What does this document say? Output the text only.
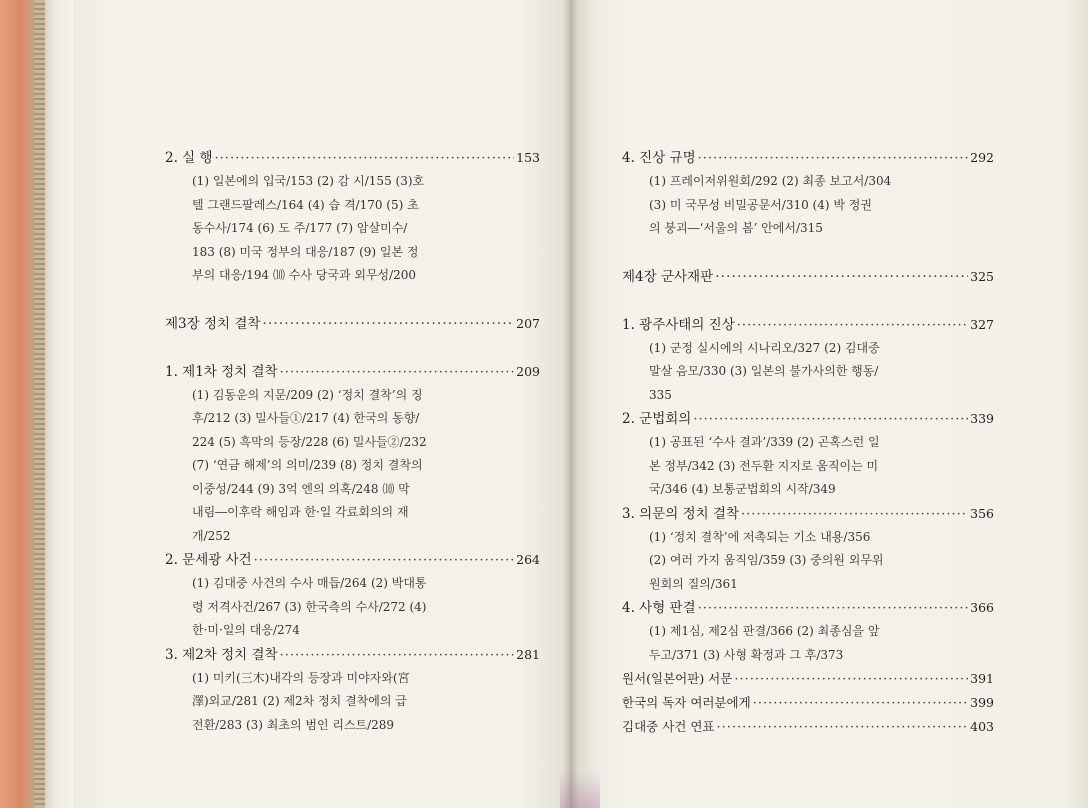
2. 실 행 ·····	153
(1) 일본에의 입국/153 (2) 감 시/155 (3)호
텔 그랜드팔레스/164 (4) 습 격/170 (5) 초
동수사/174 (6) 도 주/177 (7) 암살미수/
183 (8) 미국 정부의 대응/187 (9) 일본 정
부의 대응/194 ⑽ 수사 당국과 외무성/200
제3장 정치 결착 ·····	207
1. 제1차 정치 결착 ·····	209
(1) 김동운의 지문/209 (2) ‘정치 결착’의 징
후/212 (3) 밀사들①/217 (4) 한국의 동향/
224 (5) 흑막의 등장/228 (6) 밀사들②/232
(7) ‘연금 해제’의 의미/239 (8) 정치 결착의
이중성/244 (9) 3억 엔의 의혹/248 ⑽ 막
내림―이후락 해임과 한·일 각료회의의 재
개/252
2. 문세광 사건 ·····	264
(1) 김대중 사건의 수사 매듭/264 (2) 박대통
령 저격사건/267 (3) 한국측의 수사/272 (4)
한·미·일의 대응/274
3. 제2차 정치 결착 ·····	281
(1) 미키(三木)내각의 등장과 미야자와(宮
澤)외교/281 (2) 제2차 정치 결착에의 급
전환/283 (3) 최초의 범인 리스트/289
4. 진상 규명 ·····	292
(1) 프레이저위원회/292 (2) 최종 보고서/304
(3) 미 국무성 비밀공문서/310 (4) 박 정권
의 붕괴―‘서울의 봄’ 안에서/315
제4장 군사재판 ·····	325
1. 광주사태의 진상 ·····	327
(1) 군정 실시에의 시나리오/327 (2) 김대중
말살 음모/330 (3) 일본의 불가사의한 행동/
335
2. 군법회의 ·····	339
(1) 공표된 ‘수사 결과’/339 (2) 곤혹스런 일
본 정부/342 (3) 전두환 지지로 움직이는 미
국/346 (4) 보통군법회의 시작/349
3. 의문의 정치 결착 ·····	356
(1) ‘정치 결착’에 저촉되는 기소 내용/356
(2) 여러 가지 움직임/359 (3) 중의원 외무위
원회의 질의/361
4. 사형 판결 ·····	366
(1) 제1심, 제2심 판결/366 (2) 최종심을 앞
두고/371 (3) 사형 확정과 그 후/373
원서(일본어판) 서문 ·····	391
한국의 독자 여러분에게 ·····	399
김대중 사건 연표 ·····	403
